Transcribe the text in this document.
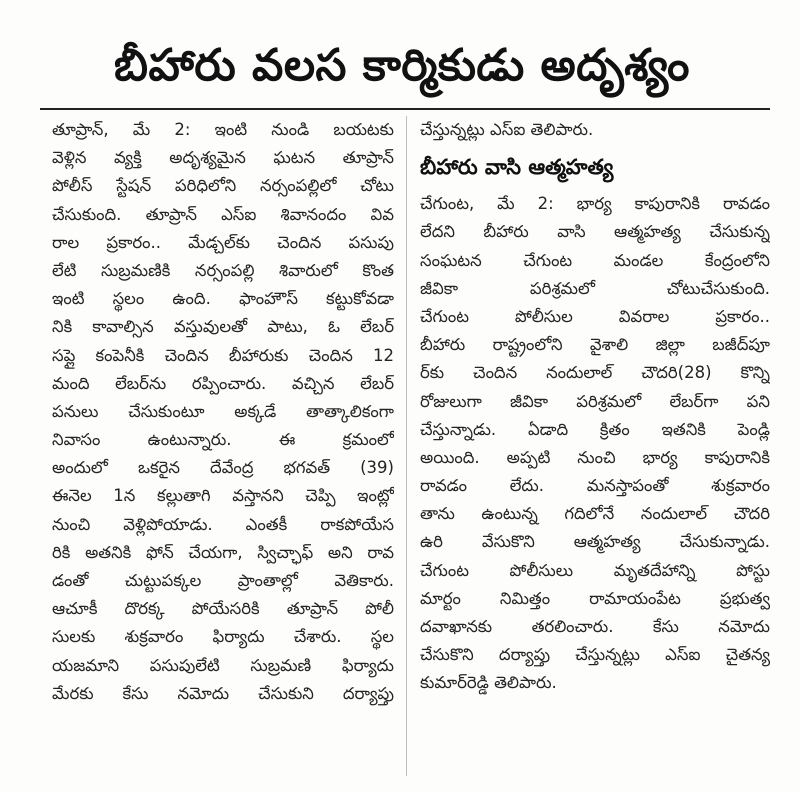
బీహారు వలస కార్మికుడు అదృశ్యం
తూప్రాన్, మే 2: ఇంటి నుండి బయటకు
వెళ్లిన వ్యక్తి అదృశ్యమైన ఘటన తూప్రాన్
పోలీస్ స్టేషన్ పరిధిలోని నర్సంపల్లిలో చోటు
చేసుకుంది. తూప్రాన్ ఎస్ఐ శివానందం వివ
రాల ప్రకారం.. మేడ్చల్‌కు చెందిన పసుపు
లేటి సుబ్రమణికి నర్సంపల్లి శివారులో కొంత
ఇంటి స్థలం ఉంది. ఫాంహౌస్ కట్టుకోవడా
నికి కావాల్సిన వస్తువులతో పాటు, ఓ లేబర్
సప్లై కంపెనీకి చెందిన బీహారుకు చెందిన 12
మంది లేబర్‌ను రప్పించారు. వచ్చిన లేబర్
పనులు చేసుకుంటూ అక్కడే తాత్కాలికంగా
నివాసం ఉంటున్నారు. ఈ క్రమంలో
అందులో ఒకరైన దేవేంద్ర భగవత్ (39)
ఈనెల 1న కల్లుతాగి వస్తానని చెప్పి ఇంట్లో
నుంచి వెళ్లిపోయాడు. ఎంతకీ రాకపోయేస
రికి అతనికి ఫోన్ చేయగా, స్విచ్ఛాఫ్ అని రావ
డంతో చుట్టుపక్కల ప్రాంతాల్లో వెతికారు.
ఆచూకీ దొరక్క పోయేసరికి తూప్రాన్ పోలీ
సులకు శుక్రవారం ఫిర్యాదు చేశారు. స్థల
యజమాని పసుపులేటి సుబ్రమణి ఫిర్యాదు
మేరకు కేసు నమోదు చేసుకుని దర్యాప్తు
చేస్తున్నట్లు ఎస్ఐ తెలిపారు.
బీహారు వాసి ఆత్మహత్య
చేగుంట, మే 2: భార్య కాపురానికి రావడం
లేదని బీహారు వాసి ఆత్మహత్య చేసుకున్న
సంఘటన చేగుంట మండల కేంద్రంలోని
జీవికా పరిశ్రమలో చోటుచేసుకుంది.
చేగుంట పోలీసుల వివరాల ప్రకారం..
బీహారు రాష్ట్రంలోని వైశాలి జిల్లా బజీద్‌పూ
ర్‌కు చెందిన నందులాల్ చౌదరి(28) కొన్ని
రోజులుగా జీవికా పరిశ్రమలో లేబర్‌గా పని
చేస్తున్నాడు. ఏడాది క్రితం ఇతనికి పెండ్లి
అయింది. అప్పటి నుంచి భార్య కాపురానికి
రావడం లేదు. మనస్తాపంతో శుక్రవారం
తాను ఉంటున్న గదిలోనే నందులాల్ చౌదరి
ఉరి వేసుకొని ఆత్మహత్య చేసుకున్నాడు.
చేగుంట పోలీసులు మృతదేహాన్ని పోస్టు
మార్టం నిమిత్తం రామాయంపేట ప్రభుత్వ
దవాఖానకు తరలించారు. కేసు నమోదు
చేసుకొని దర్యాప్తు చేస్తున్నట్లు ఎస్ఐ చైతన్య
కుమార్‌రెడ్డి తెలిపారు.
